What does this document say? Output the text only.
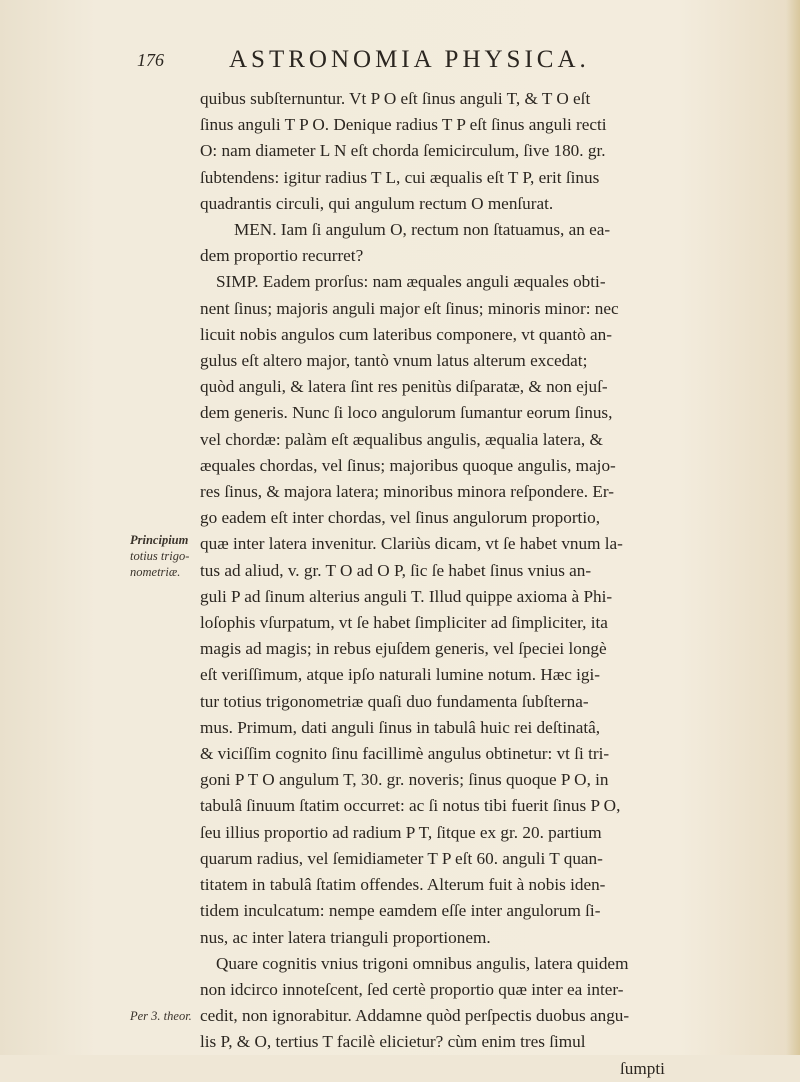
176	ASTRONOMIA PHYSICA.
quibus subſternuntur. Vt P O eſt ſinus anguli T, & T O eſt
ſinus anguli T P O. Denique radius T P eſt ſinus anguli recti
O: nam diameter L N eſt chorda ſemicirculum, ſive 180. gr.
ſubtendens: igitur radius T L, cui æqualis eſt T P, erit ſinus
quadrantis circuli, qui angulum rectum O menſurat.
MEN. Iam ſi angulum O, rectum non ſtatuamus, an ea-
dem proportio recurret?
SIMP. Eadem prorſus: nam æquales anguli æquales obti-
nent ſinus; majoris anguli major eſt ſinus; minoris minor: nec
licuit nobis angulos cum lateribus componere, vt quantò an-
gulus eſt altero major, tantò vnum latus alterum excedat;
quòd anguli, & latera ſint res penitùs diſparatæ, & non ejuſ-
dem generis. Nunc ſi loco angulorum ſumantur eorum ſinus,
vel chordæ: palàm eſt æqualibus angulis, æqualia latera, &
æquales chordas, vel ſinus; majoribus quoque angulis, majo-
res ſinus, & majora latera; minoribus minora reſpondere. Er-
go eadem eſt inter chordas, vel ſinus angulorum proportio,
quæ inter latera invenitur. Clariùs dicam, vt ſe habet vnum la-
tus ad aliud, v. gr. T O ad O P, ſic ſe habet ſinus vnius an-
guli P ad ſinum alterius anguli T. Illud quippe axioma à Phi-
loſophis vſurpatum, vt ſe habet ſimpliciter ad ſimpliciter, ita
magis ad magis; in rebus ejuſdem generis, vel ſpeciei longè
eſt veriſſimum, atque ipſo naturali lumine notum. Hæc igi-
tur totius trigonometriæ quaſi duo fundamenta ſubſterna-
mus. Primum, dati anguli ſinus in tabulâ huic rei deſtinatâ,
& viciſſim cognito ſinu facillimè angulus obtinetur: vt ſi tri-
goni P T O angulum T, 30. gr. noveris; ſinus quoque P O, in
tabulâ ſinuum ſtatim occurret: ac ſi notus tibi fuerit ſinus P O,
ſeu illius proportio ad radium P T, ſitque ex gr. 20. partium
quarum radius, vel ſemidiameter T P eſt 60. anguli T quan-
titatem in tabulâ ſtatim offendes. Alterum fuit à nobis iden-
tidem inculcatum: nempe eamdem eſſe inter angulorum ſi-
nus, ac inter latera trianguli proportionem.
Quare cognitis vnius trigoni omnibus angulis, latera quidem
non idcirco innoteſcent, ſed certè proportio quæ inter ea inter-
cedit, non ignorabitur. Addamne quòd perſpectis duobus angu-
lis P, & O, tertius T facilè elicietur? cùm enim tres ſimul
ſumpti
Principium
totius trigo-
nometriæ.
Per 3. theor.
